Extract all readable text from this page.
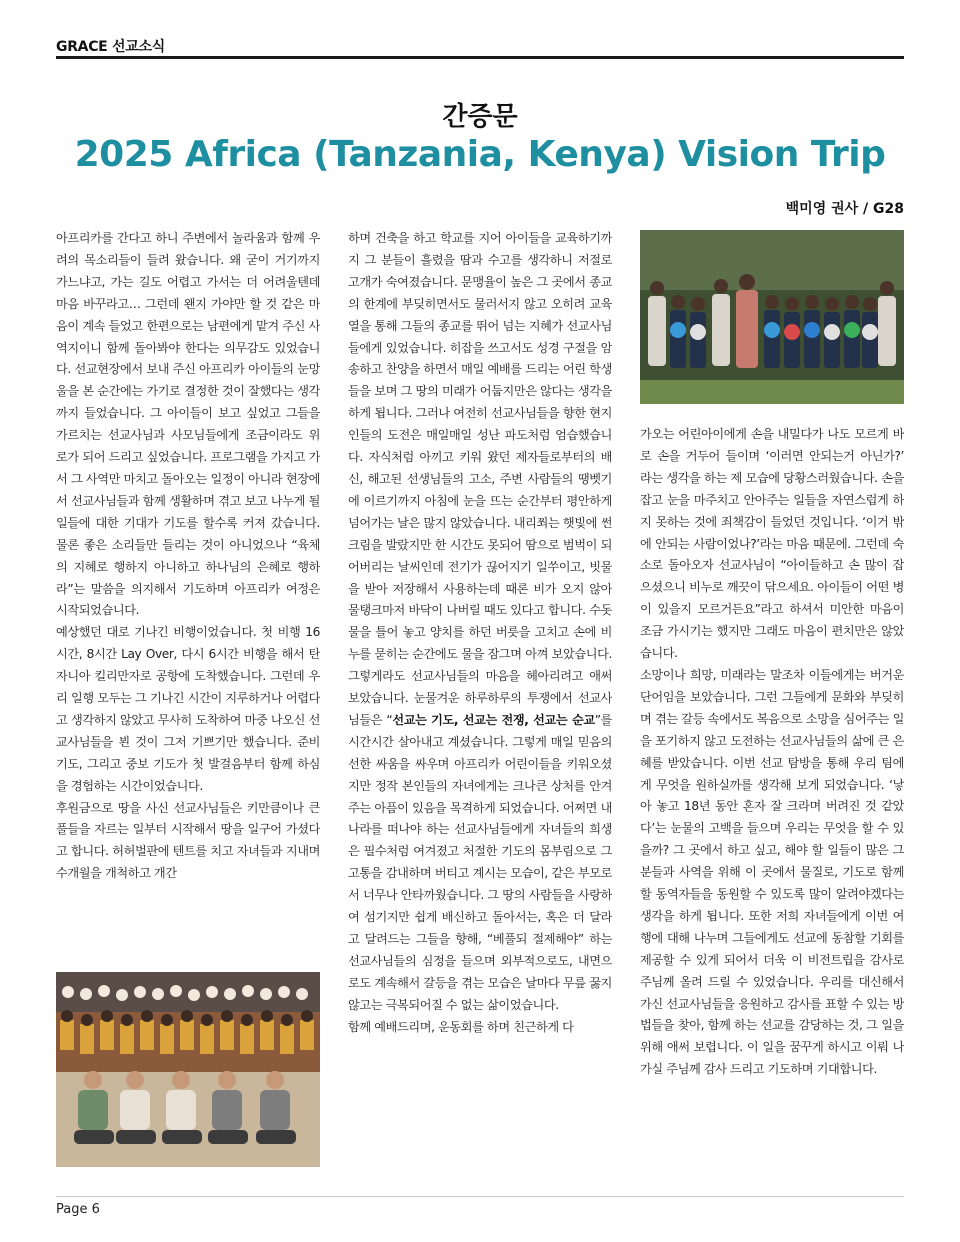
GRACE 선교소식
간증문
2025 Africa (Tanzania, Kenya) Vision Trip
백미영 권사 / G28

아프리카를 간다고 하니 주변에서 놀라움과 함께 우려의 목소리들이 들려 왔습니다. 왜 굳이 거기까지 가느냐고, 가는 길도 어렵고 가서는 더 어려울텐데 마음 바꾸라고… 그런데 왠지 가야만 할 것 같은 마음이 계속 들었고 한편으로는 남편에게 맡겨 주신 사역지이니 함께 돌아봐야 한다는 의무감도 있었습니다. 선교현장에서 보내 주신 아프리카 아이들의 눈망울을 본 순간에는 가기로 결정한 것이 잘했다는 생각까지 들었습니다. 그 아이들이 보고 싶었고 그들을 가르치는 선교사님과 사모님들에게 조금이라도 위로가 되어 드리고 싶었습니다. 프로그램을 가지고 가서 그 사역만 마치고 돌아오는 일정이 아니라 현장에서 선교사님들과 함께 생활하며 겪고 보고 나누게 될 일들에 대한 기대가 기도를 할수록 커져 갔습니다. 물론 좋은 소리들만 들리는 것이 아니었으나 “육체의 지혜로 행하지 아니하고 하나님의 은혜로 행하라”는 말씀을 의지해서 기도하며 아프리카 여정은 시작되었습니다.

예상했던 대로 기나긴 비행이었습니다. 첫 비행 16시간, 8시간 Lay Over, 다시 6시간 비행을 해서 탄자니아 킬리만자로 공항에 도착했습니다. 그런데 우리 일행 모두는 그 기나긴 시간이 지루하거나 어렵다고 생각하지 않았고 무사히 도착하여 마중 나오신 선교사님들을 뵌 것이 그저 기쁘기만 했습니다. 준비 기도, 그리고 중보 기도가 첫 발걸음부터 함께 하심을 경험하는 시간이었습니다.

후원금으로 땅을 사신 선교사님들은 키만큼이나 큰 풀들을 자르는 일부터 시작해서 땅을 일구어 가셨다고 합니다. 허허벌판에 텐트를 치고 자녀들과 지내며 수개월을 개척하고 개간

하며 건축을 하고 학교를 지어 아이들을 교육하기까지 그 분들이 흘렸을 땀과 수고를 생각하니 저절로 고개가 숙여졌습니다. 문맹율이 높은 그 곳에서 종교의 한계에 부딪히면서도 물러서지 않고 오히려 교육열을 통해 그들의 종교를 뛰어 넘는 지혜가 선교사님들에게 있었습니다. 히잡을 쓰고서도 성경 구절을 암송하고 찬양을 하면서 매일 예배를 드리는 어린 학생들을 보며 그 땅의 미래가 어둡지만은 않다는 생각을 하게 됩니다. 그러나 여전히 선교사님들을 향한 현지인들의 도전은 매일매일 성난 파도처럼 엄습했습니다. 자식처럼 아끼고 키워 왔던 제자들로부터의 배신, 해고된 선생님들의 고소, 주변 사람들의 땡벳기에 이르기까지 아침에 눈을 뜨는 순간부터 평안하게 넘어가는 날은 많지 않았습니다. 내리쬐는 햇빛에 썬크림을 발랐지만 한 시간도 못되어 땀으로 범벅이 되어버리는 날씨인데 전기가 끊어지기 일쑤이고, 빗물을 받아 저장해서 사용하는데 때론 비가 오지 않아 물탱크마저 바닥이 나버릴 때도 있다고 합니다. 수돗물을 틀어 놓고 양치를 하던 버릇을 고치고 손에 비누를 묻히는 순간에도 물을 잠그며 아껴 보았습니다. 그렇게라도 선교사님들의 마음을 헤아리려고 애써 보았습니다. 눈물겨운 하루하루의 투쟁에서 선교사님들은 “선교는 기도, 선교는 전쟁, 선교는 순교”를 시간시간 살아내고 계셨습니다. 그렇게 매일 믿음의 선한 싸움을 싸우며 아프리카 어린이들을 키워오셨지만 정작 본인들의 자녀에게는 크나큰 상처를 안겨주는 아픔이 있음을 목격하게 되었습니다. 어쩌면 내 나라를 떠나야 하는 선교사님들에게 자녀들의 희생은 필수처럼 여겨졌고 처절한 기도의 몸부림으로 그 고통을 감내하며 버티고 계시는 모습이, 같은 부모로서 너무나 안타까웠습니다. 그 땅의 사람들을 사랑하여 섬기지만 쉽게 배신하고 돌아서는, 혹은 더 달라고 달려드는 그들을 향해, “베풀되 절제해야” 하는 선교사님들의 심정을 들으며 외부적으로도, 내면으로도 계속해서 갈등을 겪는 모습은 날마다 무릎 꿇지 않고는 극복되어질 수 없는 삶이었습니다.

함께 예배드리며, 운동회를 하며 친근하게 다

가오는 어린아이에게 손을 내밀다가 나도 모르게 바로 손을 거두어 들이며 ‘이러면 안되는거 아닌가?’ 라는 생각을 하는 제 모습에 당황스러웠습니다. 손을 잡고 눈을 마주치고 안아주는 일들을 자연스럽게 하지 못하는 것에 죄책감이 들었던 것입니다. ‘이거 밖에 안되는 사람이었나?’라는 마음 때문에. 그런데 숙소로 돌아오자 선교사님이 “아이들하고 손 많이 잡으셨으니 비누로 깨끗이 닦으세요. 아이들이 어떤 병이 있을지 모르거든요”라고 하셔서 미안한 마음이 조금 가시기는 했지만 그래도 마음이 편치만은 않았습니다.

소망이나 희망, 미래라는 말조차 이들에게는 버거운 단어임을 보았습니다. 그런 그들에게 문화와 부딪히며 겪는 갈등 속에서도 복음으로 소망을 심어주는 일을 포기하지 않고 도전하는 선교사님들의 삶에 큰 은혜를 받았습니다. 이번 선교 탐방을 통해 우리 팀에게 무엇을 원하실까를 생각해 보게 되었습니다. ‘낳아 놓고 18년 동안 혼자 잘 크라며 버려진 것 같았다’는 눈물의 고백을 들으며 우리는 무엇을 할 수 있을까? 그 곳에서 하고 싶고, 해야 할 일들이 많은 그 분들과 사역을 위해 이 곳에서 물질로, 기도로 함께할 동역자들을 동원할 수 있도록 많이 알려야겠다는 생각을 하게 됩니다. 또한 저희 자녀들에게 이번 여행에 대해 나누며 그들에게도 선교에 동참할 기회를 제공할 수 있게 되어서 더욱 이 비전트립을 감사로 주님께 올려 드릴 수 있었습니다. 우리를 대신해서 가신 선교사님들을 응원하고 감사를 표할 수 있는 방법들을 찾아, 함께 하는 선교를 감당하는 것, 그 일을 위해 애써 보렵니다. 이 일을 꿈꾸게 하시고 이뤄 나가실 주님께 감사 드리고 기도하며 기대합니다.

Page 6
